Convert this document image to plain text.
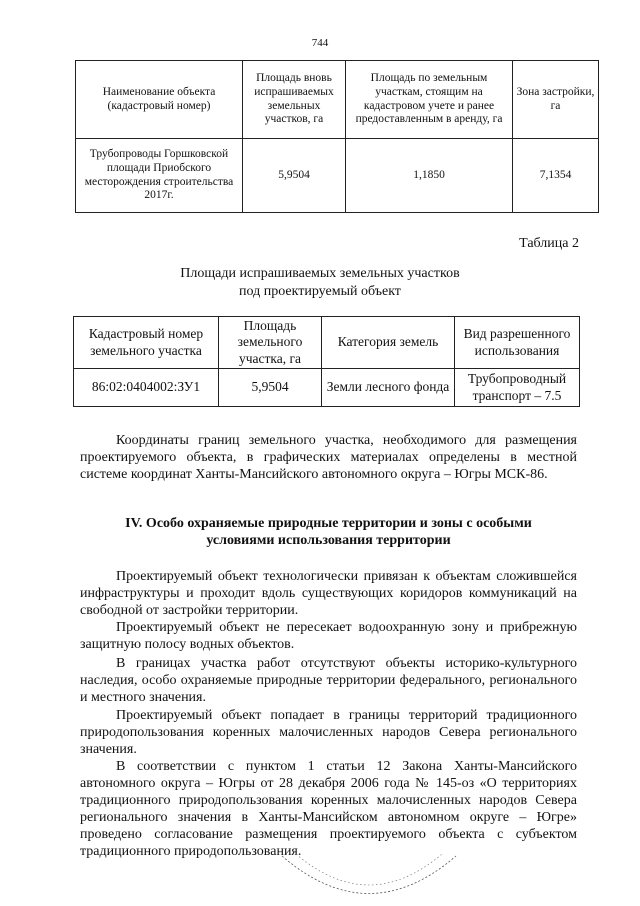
744
Наименование объекта (кадастровый номер)	Площадь вновь испрашиваемых земельных участков, га	Площадь по земельным участкам, стоящим на кадастровом учете и ранее предоставленным в аренду, га	Зона застройки, га
Трубопроводы Горшковской площади Приобского месторождения строительства 2017г.	5,9504	1,1850	7,1354
Таблица 2
Площади испрашиваемых земельных участков
под проектируемый объект
Кадастровый номер земельного участка	Площадь земельного участка, га	Категория земель	Вид разрешенного использования
86:02:0404002:ЗУ1	5,9504	Земли лесного фонда	Трубопроводный транспорт – 7.5
Координаты границ земельного участка, необходимого для размещения проектируемого объекта, в графических материалах определены в местной системе координат Ханты-Мансийского автономного округа – Югры МСК-86.
IV. Особо охраняемые природные территории и зоны с особыми
условиями использования территории
Проектируемый объект технологически привязан к объектам сложившейся инфраструктуры и проходит вдоль существующих коридоров коммуникаций на свободной от застройки территории.
Проектируемый объект не пересекает водоохранную зону и прибрежную защитную полосу водных объектов.
В границах участка работ отсутствуют объекты историко-культурного наследия, особо охраняемые природные территории федерального, регионального и местного значения.
Проектируемый объект попадает в границы территорий традиционного природопользования коренных малочисленных народов Севера регионального значения.
В соответствии с пунктом 1 статьи 12 Закона Ханты-Мансийского автономного округа – Югры от 28 декабря 2006 года № 145-оз «О территориях традиционного природопользования коренных малочисленных народов Севера регионального значения в Ханты-Мансийском автономном округе – Югре» проведено согласование размещения проектируемого объекта с субъектом традиционного природопользования.
